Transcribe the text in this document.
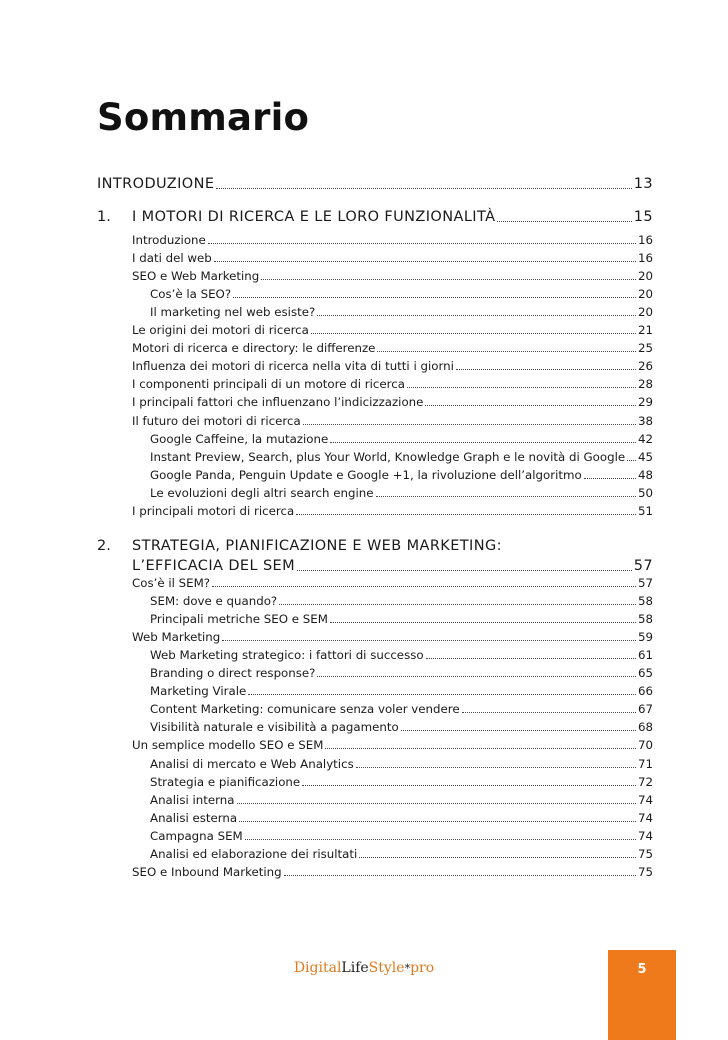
Sommario
INTRODUZIONE	13
1. I MOTORI DI RICERCA E LE LORO FUNZIONALITÀ	15
Introduzione	16
I dati del web	16
SEO e Web Marketing	20
Cos’è la SEO?	20
Il marketing nel web esiste?	20
Le origini dei motori di ricerca	21
Motori di ricerca e directory: le differenze	25
Influenza dei motori di ricerca nella vita di tutti i giorni	26
I componenti principali di un motore di ricerca	28
I principali fattori che influenzano l’indicizzazione	29
Il futuro dei motori di ricerca	38
Google Caffeine, la mutazione	42
Instant Preview, Search, plus Your World, Knowledge Graph e le novità di Google 45
Google Panda, Penguin Update e Google +1, la rivoluzione dell’algoritmo	48
Le evoluzioni degli altri search engine	50
I principali motori di ricerca	51
2. STRATEGIA, PIANIFICAZIONE E WEB MARKETING:
L’EFFICACIA DEL SEM	57
Cos’è il SEM?	57
SEM: dove e quando?	58
Principali metriche SEO e SEM	58
Web Marketing	59
Web Marketing strategico: i fattori di successo	61
Branding o direct response?	65
Marketing Virale	66
Content Marketing: comunicare senza voler vendere	67
Visibilità naturale e visibilità a pagamento	68
Un semplice modello SEO e SEM	70
Analisi di mercato e Web Analytics	71
Strategia e pianificazione	72
Analisi interna	74
Analisi esterna	74
Campagna SEM	74
Analisi ed elaborazione dei risultati	75
SEO e Inbound Marketing	75
DigitalLifeStyle*pro	5
